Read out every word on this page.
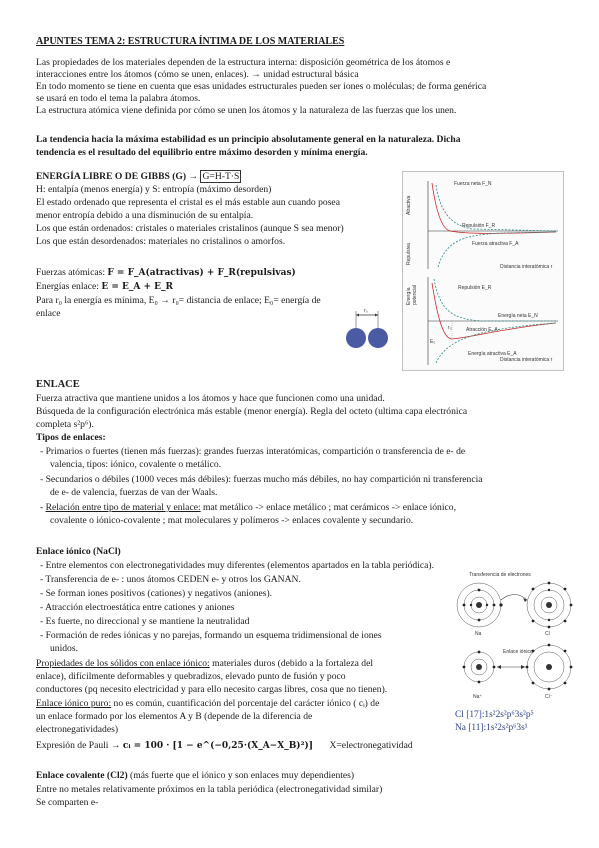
APUNTES TEMA 2: ESTRUCTURA ÍNTIMA DE LOS MATERIALES
Las propiedades de los materiales dependen de la estructura interna: disposición geométrica de los átomos e
interacciones entre los átomos (cómo se unen, enlaces). → unidad estructural básica
En todo momento se tiene en cuenta que esas unidades estructurales pueden ser iones o moléculas; de forma genérica
se usará en todo el tema la palabra átomos.
La estructura atómica viene definida por cómo se unen los átomos y la naturaleza de las fuerzas que los unen.
La tendencia hacia la máxima estabilidad es un principio absolutamente general en la naturaleza. Dicha
tendencia es el resultado del equilibrio entre máximo desorden y mínima energía.
ENERGÍA LIBRE O DE GIBBS (G) → G=H-T·S
H: entalpía (menos energía) y S: entropía (máximo desorden)
El estado ordenado que representa el cristal es el más estable aun cuando posea
menor entropía debido a una disminución de su entalpía.
Los que están ordenados: cristales o materiales cristalinos (aunque S sea menor)
Los que están desordenados: materiales no cristalinos o amorfos.
Fuerzas atómicas: F = F_A(atractivas) + F_R(repulsivas)
Energías enlace: E = E_A + E_R
Para r₀ la energía es mínima, E₀ → r₀= distancia de enlace; E₀= energía de
enlace	r₀
Atractiva
Repulsiva
Fuerza neta F_N
Repulsión F_R
Fuerza atractiva F_A
Distancia interatómica r
Energía potencial	Repulsión E_R
Energía neta E_N
Atracción E_A
Energía atractiva E_A
Distancia interatómica r
E₀
r₀
ENLACE
Fuerza atractiva que mantiene unidos a los átomos y hace que funcionen como una unidad.
Búsqueda de la configuración electrónica más estable (menor energía). Regla del octeto (ultima capa electrónica
completa s²p⁶).
Tipos de enlaces:
- Primarios o fuertes (tienen más fuerzas): grandes fuerzas interatómicas, compartición o transferencia de e- de
valencia, tipos: iónico, covalente o metálico.
- Secundarios o débiles (1000 veces más débiles): fuerzas mucho más débiles, no hay compartición ni transferencia
de e- de valencia, fuerzas de van der Waals.
- Relación entre tipo de material y enlace: mat metálico -> enlace metálico ; mat cerámicos -> enlace iónico,
covalente o iónico-covalente ; mat moleculares y polímeros -> enlaces covalente y secundario.
Enlace iónico (NaCl)
- Entre elementos con electronegatividades muy diferentes (elementos apartados en la tabla periódica).
- Transferencia de e- : unos átomos CEDEN e- y otros los GANAN.
- Se forman iones positivos (cationes) y negativos (aniones).
- Atracción electroestática entre cationes y aniones
- Es fuerte, no direccional y se mantiene la neutralidad
- Formación de redes iónicas y no parejas, formando un esquema tridimensional de iones
unidos.
Propiedades de los sólidos con enlace iónico: materiales duros (debido a la fortaleza del
enlace), difícilmente deformables y quebradizos, elevado punto de fusión y poco
conductores (pq necesito electricidad y para ello necesito cargas libres, cosa que no tienen).
Enlace iónico puro: no es común, cuantificación del porcentaje del carácter iónico ( cᵢ) de
un enlace formado por los elementos A y B (depende de la diferencia de
electronegatividades)
Expresión de Pauli → cᵢ = 100 · [1 − e^(−0,25·(X_A−X_B)²)] X=electronegatividad
Transferencia de electrones
Na	Cl
Enlace iónico
Na⁺	Cl⁻
Cl [17]:1s²2s²p⁶3s²p⁵
Na [11]:1s²2s²p⁶3s¹
Enlace covalente (Cl2) (más fuerte que el iónico y son enlaces muy dependientes)
Entre no metales relativamente próximos en la tabla periódica (electronegatividad similar)
Se comparten e-
